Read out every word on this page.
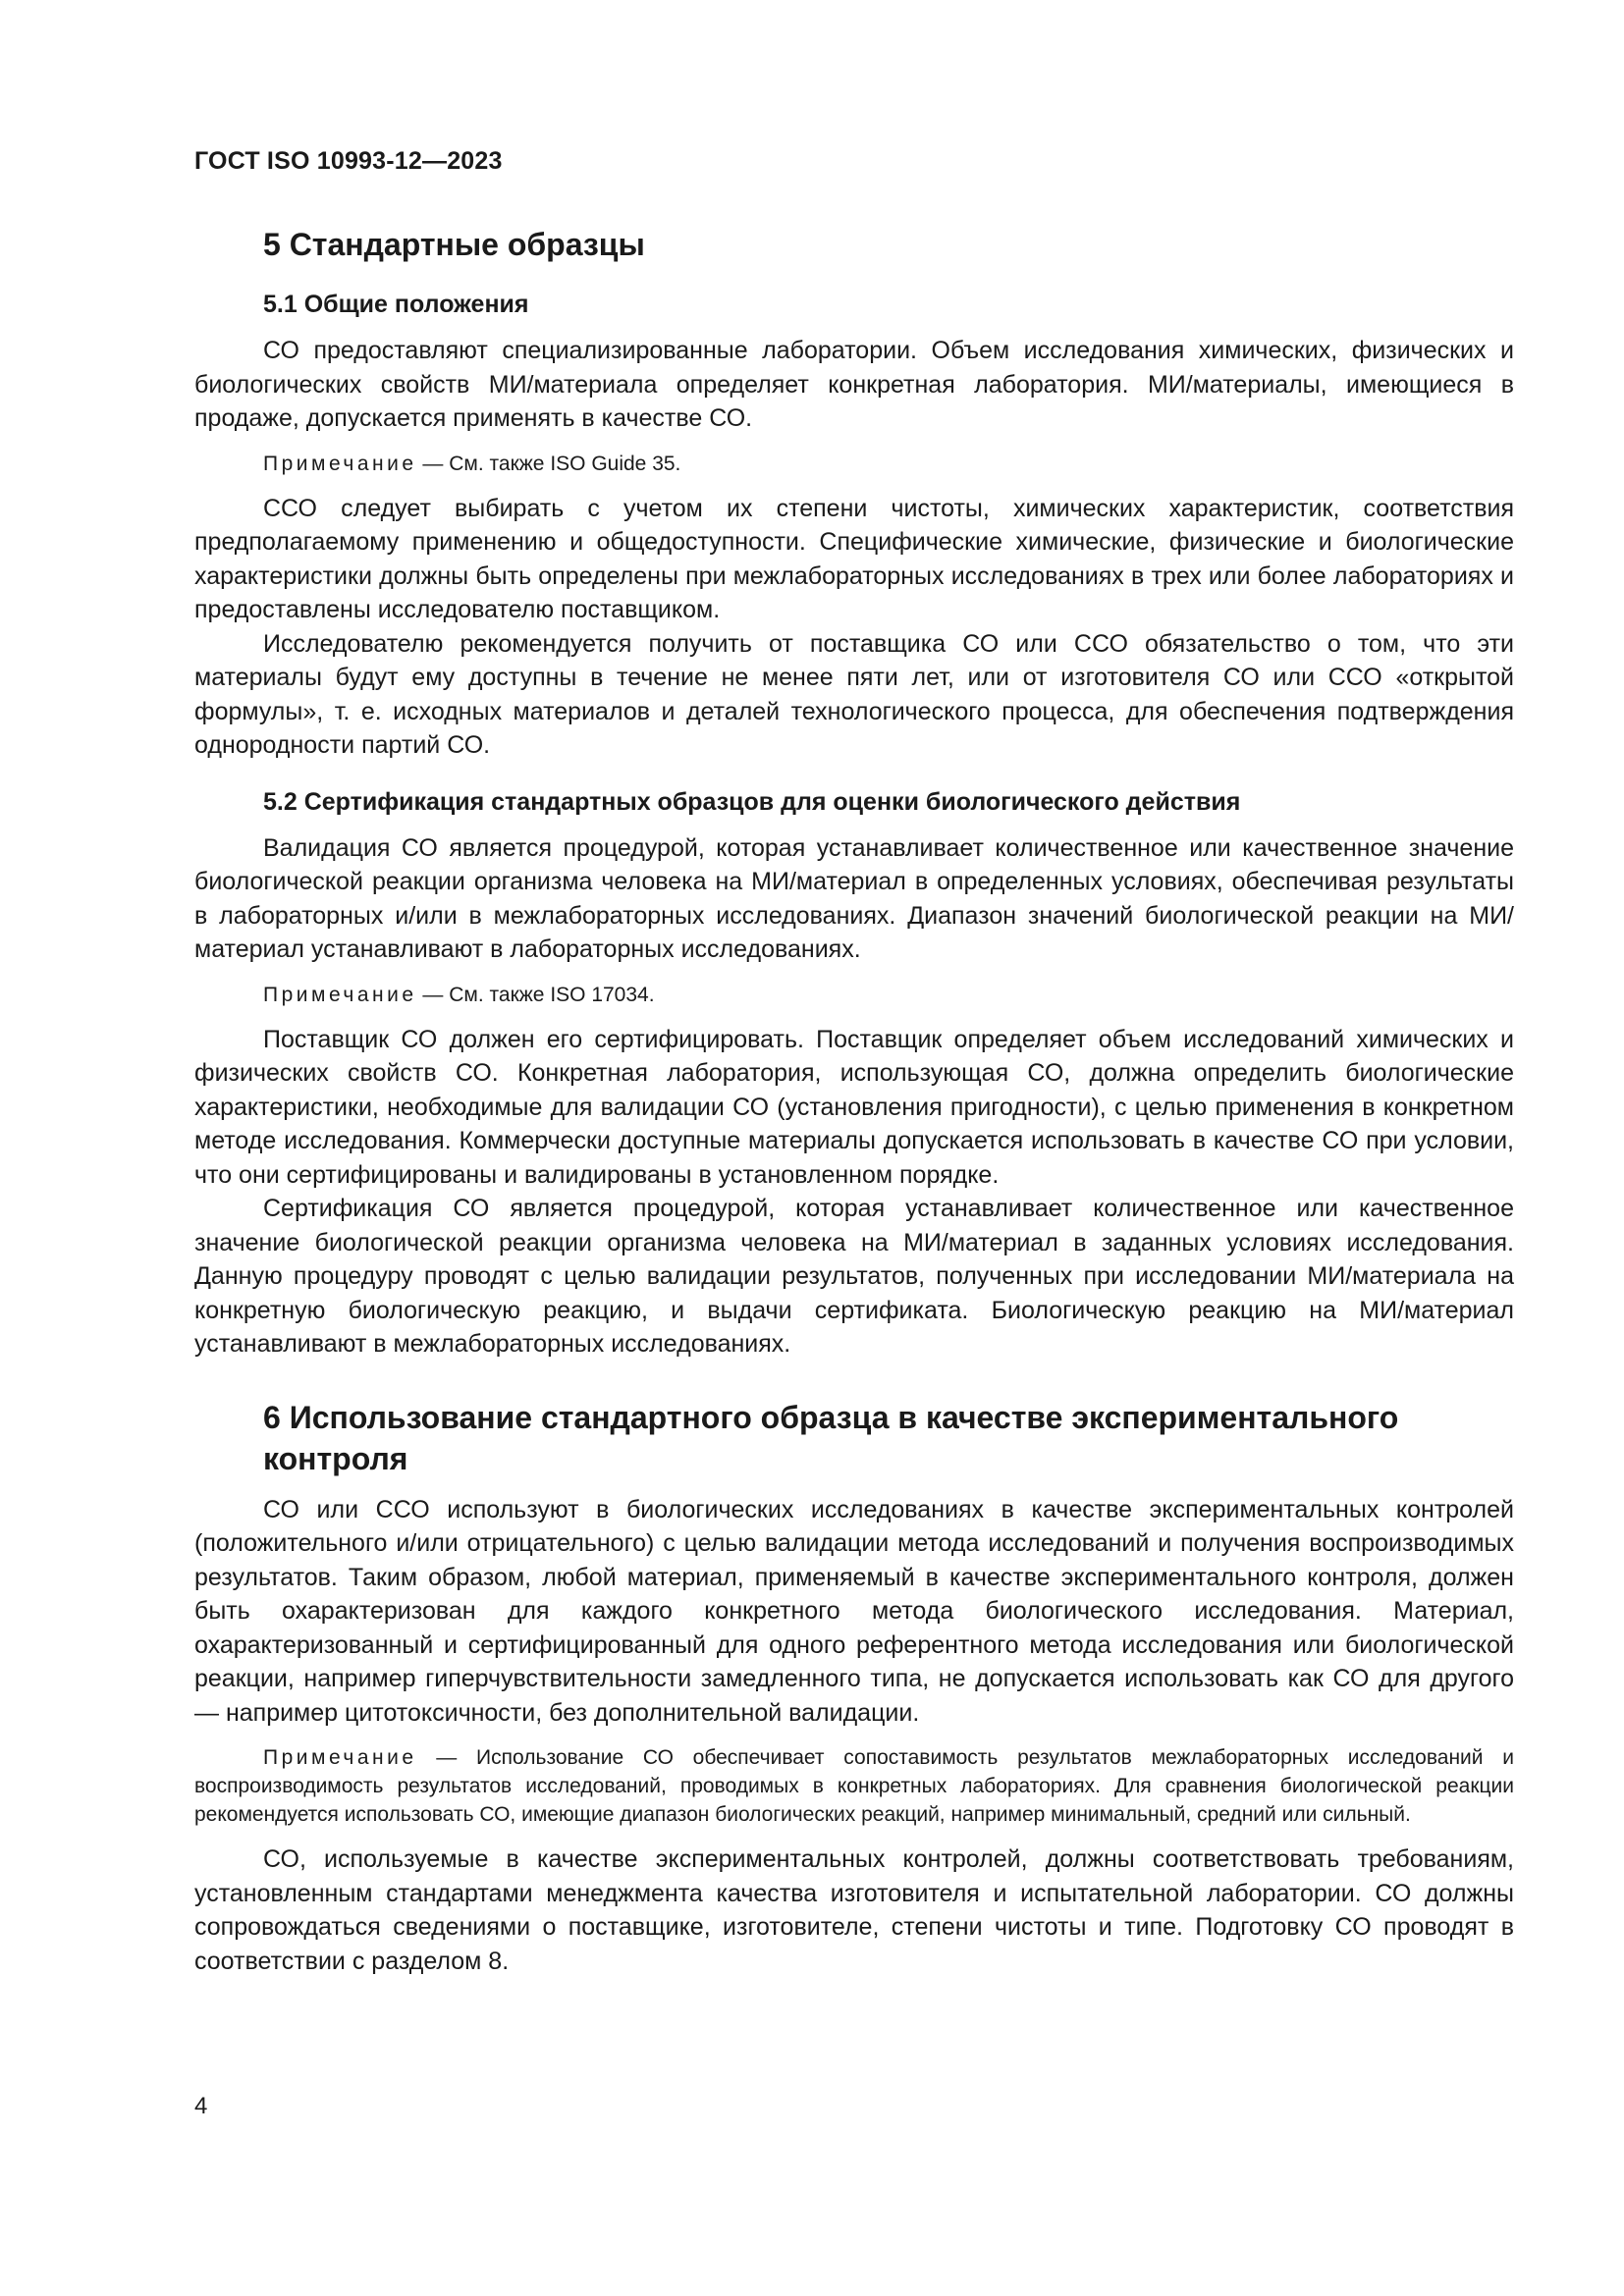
ГОСТ ISO 10993-12—2023
5 Стандартные образцы
5.1 Общие положения

СО предоставляют специализированные лаборатории. Объем исследования химических, физических и биологических свойств МИ/материала определяет конкретная лаборатория. МИ/материалы, имеющиеся в продаже, допускается применять в качестве СО.

Примечание — См. также ISO Guide 35.

ССО следует выбирать с учетом их степени чистоты, химических характеристик, соответствия предполагаемому применению и общедоступности. Специфические химические, физические и биологические характеристики должны быть определены при межлабораторных исследованиях в трех или более лабораториях и предоставлены исследователю поставщиком.

Исследователю рекомендуется получить от поставщика СО или ССО обязательство о том, что эти материалы будут ему доступны в течение не менее пяти лет, или от изготовителя СО или ССО «открытой формулы», т. е. исходных материалов и деталей технологического процесса, для обеспечения подтверждения однородности партий СО.

5.2 Сертификация стандартных образцов для оценки биологического действия

Валидация СО является процедурой, которая устанавливает количественное или качественное значение биологической реакции организма человека на МИ/материал в определенных условиях, обеспечивая результаты в лабораторных и/или в межлабораторных исследованиях. Диапазон значений биологической реакции на МИ/материал устанавливают в лабораторных исследованиях.

Примечание — См. также ISO 17034.

Поставщик СО должен его сертифицировать. Поставщик определяет объем исследований химических и физических свойств СО. Конкретная лаборатория, использующая СО, должна определить биологические характеристики, необходимые для валидации СО (установления пригодности), с целью применения в конкретном методе исследования. Коммерчески доступные материалы допускается использовать в качестве СО при условии, что они сертифицированы и валидированы в установленном порядке.

Сертификация СО является процедурой, которая устанавливает количественное или качественное значение биологической реакции организма человека на МИ/материал в заданных условиях исследования. Данную процедуру проводят с целью валидации результатов, полученных при исследовании МИ/материала на конкретную биологическую реакцию, и выдачи сертификата. Биологическую реакцию на МИ/материал устанавливают в межлабораторных исследованиях.

6 Использование стандартного образца в качестве экспериментального
контроля

СО или ССО используют в биологических исследованиях в качестве экспериментальных контролей (положительного и/или отрицательного) с целью валидации метода исследований и получения воспроизводимых результатов. Таким образом, любой материал, применяемый в качестве экспериментального контроля, должен быть охарактеризован для каждого конкретного метода биологического исследования. Материал, охарактеризованный и сертифицированный для одного референтного метода исследования или биологической реакции, например гиперчувствительности замедленного типа, не допускается использовать как СО для другого — например цитотоксичности, без дополнительной валидации.

Примечание — Использование СО обеспечивает сопоставимость результатов межлабораторных исследований и воспроизводимость результатов исследований, проводимых в конкретных лабораториях. Для сравнения биологической реакции рекомендуется использовать СО, имеющие диапазон биологических реакций, например минимальный, средний или сильный.

СО, используемые в качестве экспериментальных контролей, должны соответствовать требованиям, установленным стандартами менеджмента качества изготовителя и испытательной лаборатории. СО должны сопровождаться сведениями о поставщике, изготовителе, степени чистоты и типе. Подготовку СО проводят в соответствии с разделом 8.

4
